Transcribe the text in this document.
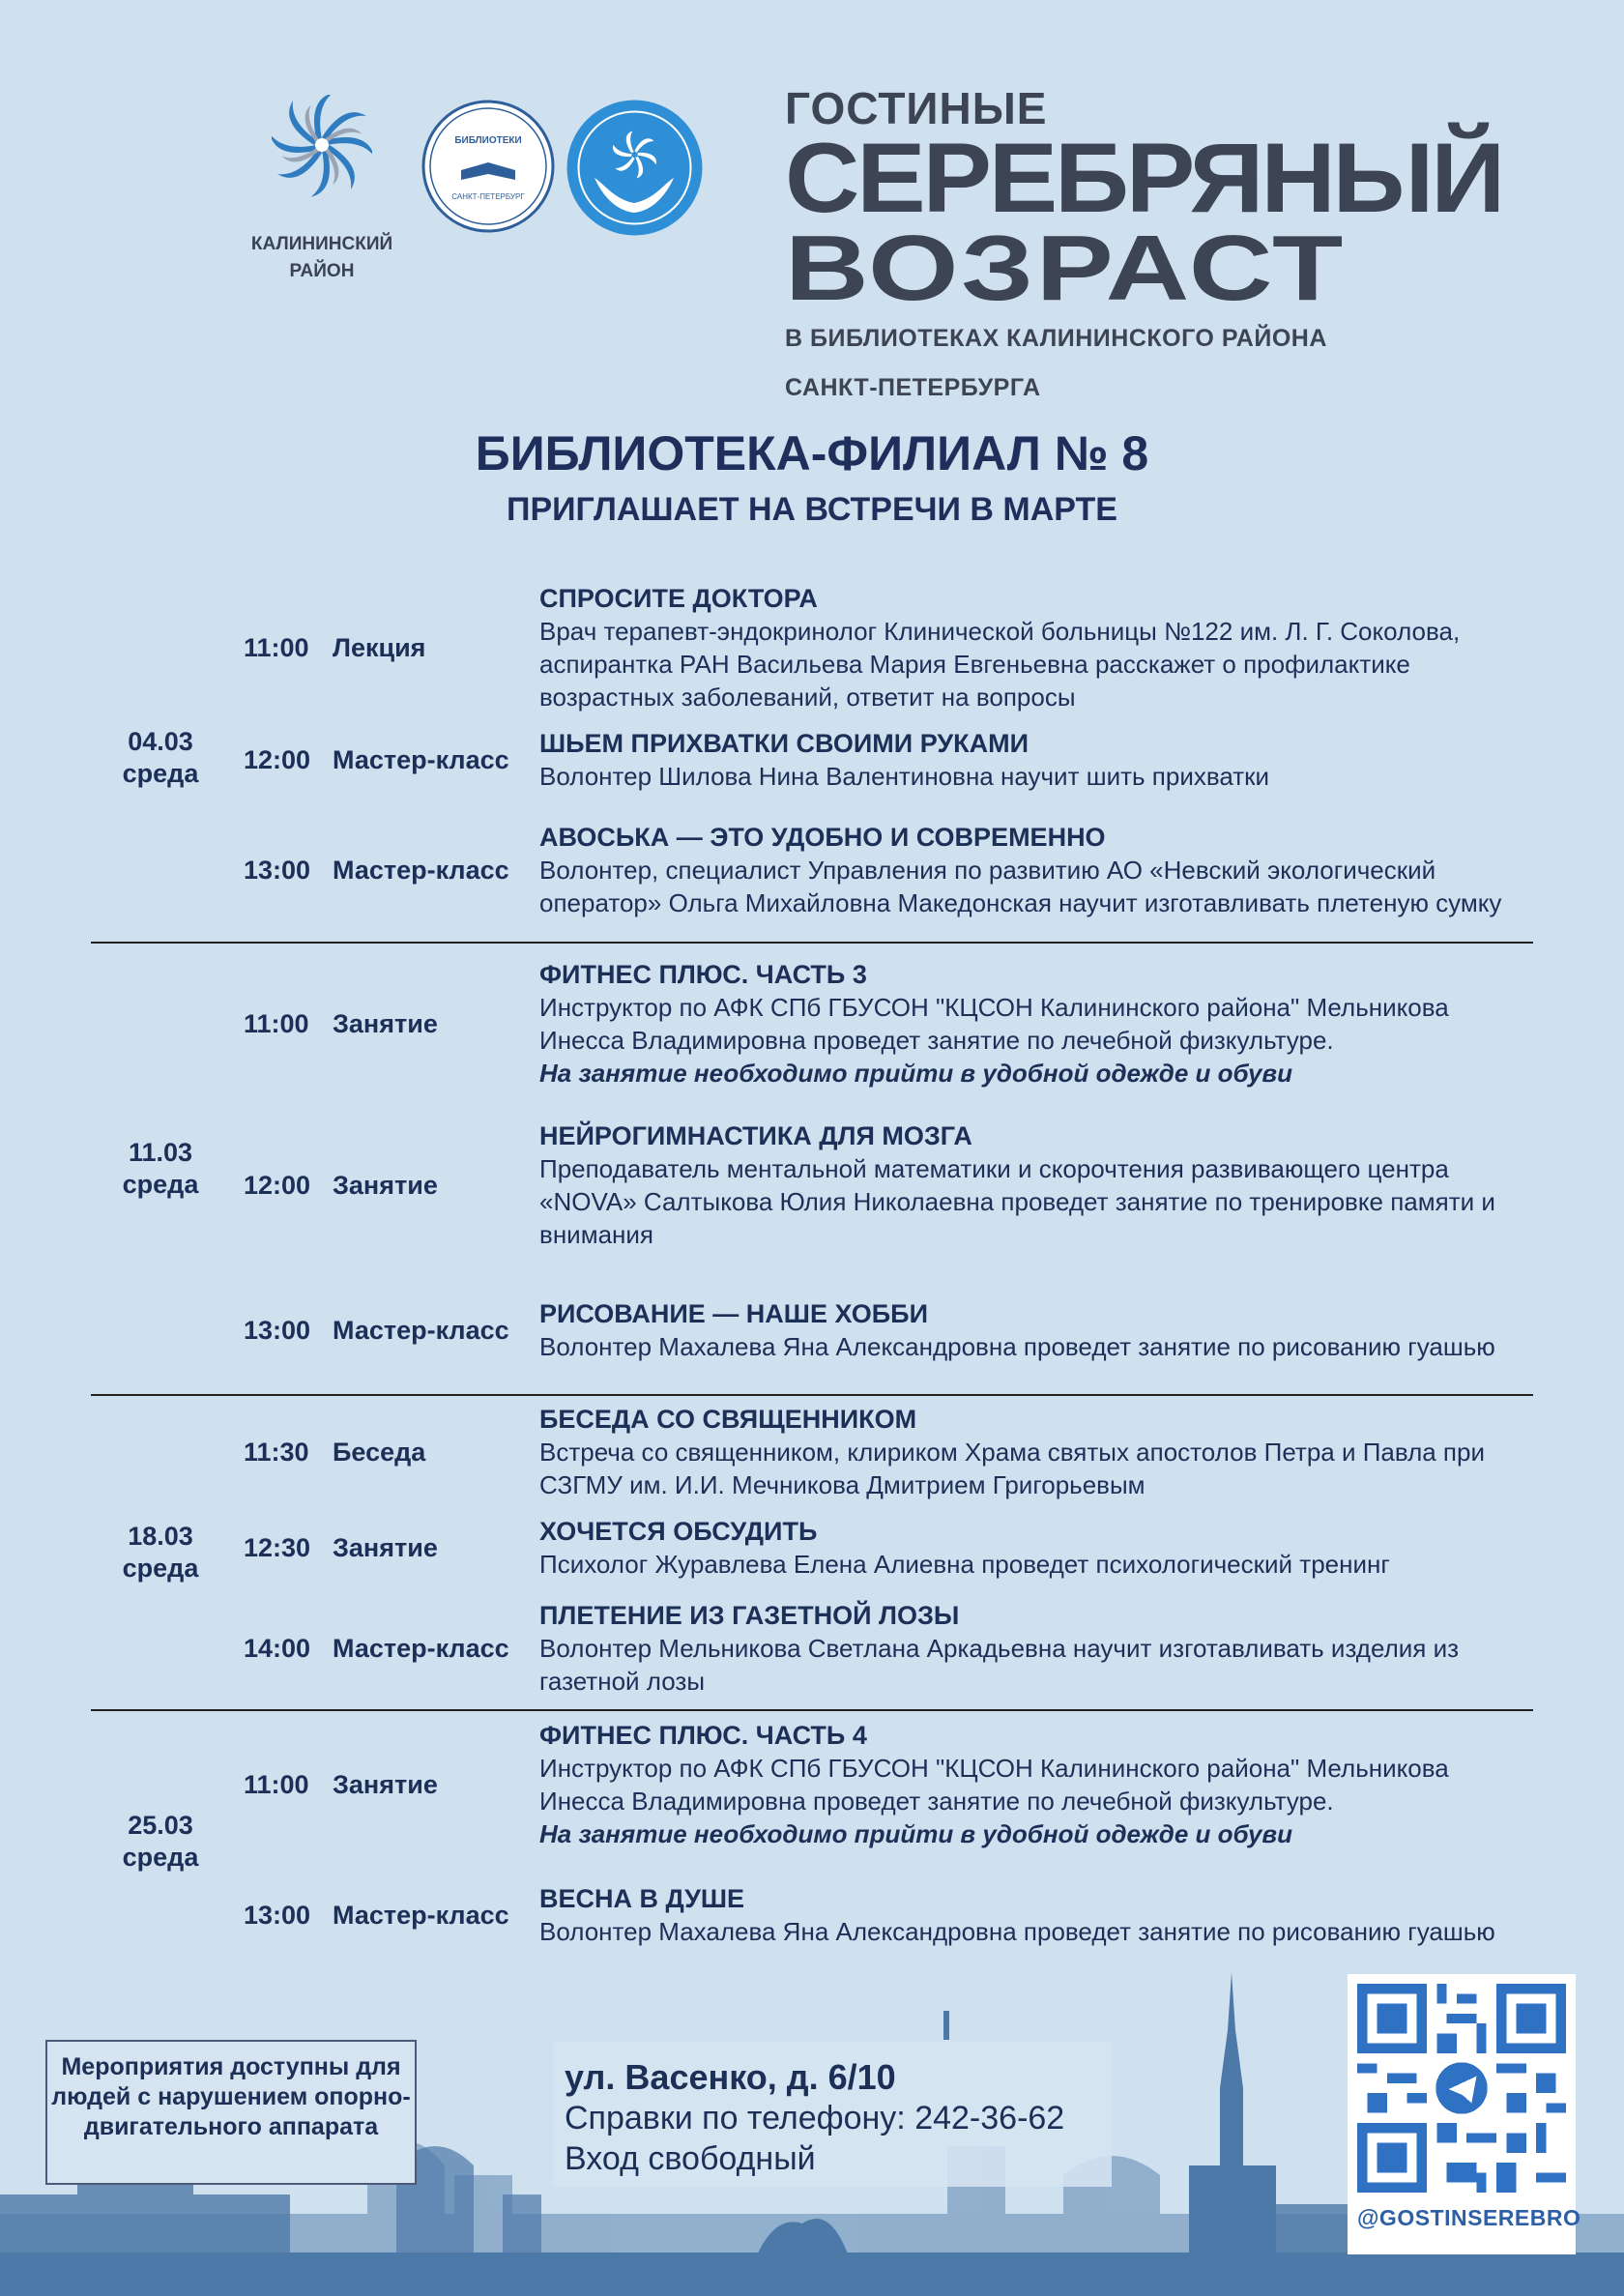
КАЛИНИНСКИЙ
РАЙОН
БИБЛИОТЕКИ
САНКТ-ПЕТЕРБУРГ
ГОСТИНЫЕ
СЕРЕБРЯНЫЙ
ВОЗРАСТ
В БИБЛИОТЕКАХ КАЛИНИНСКОГО РАЙОНА
САНКТ-ПЕТЕРБУРГА
БИБЛИОТЕКА-ФИЛИАЛ № 8
ПРИГЛАШАЕТ НА ВСТРЕЧИ В МАРТЕ
04.03
среда
11:00 Лекция
СПРОСИТЕ ДОКТОРА
Врач терапевт-эндокринолог Клинической больницы №122 им. Л. Г. Соколова, аспирантка РАН Васильева Мария Евгеньевна расскажет о профилактике возрастных заболеваний, ответит на вопросы
12:00 Мастер-класс
ШЬЕМ ПРИХВАТКИ СВОИМИ РУКАМИ
Волонтер Шилова Нина Валентиновна научит шить прихватки
13:00 Мастер-класс
АВОСЬКА — ЭТО УДОБНО И СОВРЕМЕННО
Волонтер, специалист Управления по развитию АО «Невский экологический оператор» Ольга Михайловна Македонская научит изготавливать плетеную сумку
11.03
среда
11:00 Занятие
ФИТНЕС ПЛЮС. ЧАСТЬ 3
Инструктор по АФК СПб ГБУСОН "КЦСОН Калининского района" Мельникова Инесса Владимировна проведет занятие по лечебной физкультуре.
На занятие необходимо прийти в удобной одежде и обуви
12:00 Занятие
НЕЙРОГИМНАСТИКА ДЛЯ МОЗГА
Преподаватель ментальной математики и скорочтения развивающего центра «NOVA» Салтыкова Юлия Николаевна проведет занятие по тренировке памяти и внимания
13:00 Мастер-класс
РИСОВАНИЕ — НАШЕ ХОББИ
Волонтер Махалева Яна Александровна проведет занятие по рисованию гуашью
18.03
среда
11:30 Беседа
БЕСЕДА СО СВЯЩЕННИКОМ
Встреча со священником, клириком Храма святых апостолов Петра и Павла при СЗГМУ им. И.И. Мечникова Дмитрием Григорьевым
12:30 Занятие
ХОЧЕТСЯ ОБСУДИТЬ
Психолог Журавлева Елена Алиевна проведет психологический тренинг
14:00 Мастер-класс
ПЛЕТЕНИЕ ИЗ ГАЗЕТНОЙ ЛОЗЫ
Волонтер Мельникова Светлана Аркадьевна научит изготавливать изделия из газетной лозы
25.03
среда
11:00 Занятие
ФИТНЕС ПЛЮС. ЧАСТЬ 4
Инструктор по АФК СПб ГБУСОН "КЦСОН Калининского района" Мельникова Инесса Владимировна проведет занятие по лечебной физкультуре.
На занятие необходимо прийти в удобной одежде и обуви
13:00 Мастер-класс
ВЕСНА В ДУШЕ
Волонтер Махалева Яна Александровна проведет занятие по рисованию гуашью
Мероприятия доступны для людей с нарушением опорно-двигательного аппарата
ул. Васенко, д. 6/10
Справки по телефону: 242-36-62
Вход свободный
@GOSTINSEREBRO
